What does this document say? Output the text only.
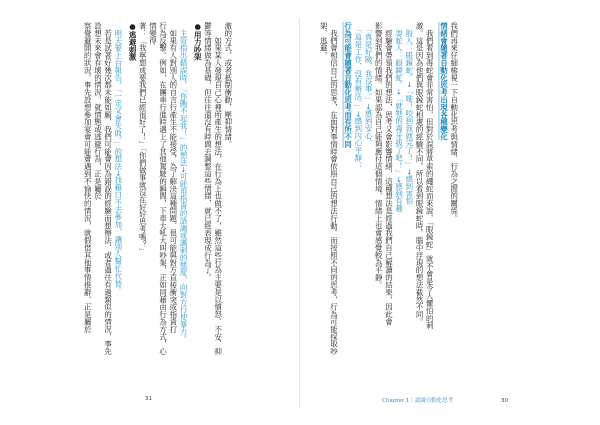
激的方式，或者抵制衝動，壓抑情緒。

　　如果某人發現自己心裡所產生的想法，在行為上也做不了，雖然這些行為主要是以憤怒、不安、抑鬱等情緒做為基礎，但往往還沒有時間去調整這些情緒，就已經表現成行為了。

●用力吵架

　主管指出錯誤時，「你瞧不起我！」的想法→可能用指責的語調或諷刺的態度，向對方行使暴力。

　如果有人對別人的自言行產生不能接受，為了解決這種問題、很可能與對方直接衝突或指責打

行為反擊。例如，在團車行進時遇上了其他駕駛的瞬間，下車大吼大叫吵架，正如同藉由行為方式，心情變得

著：「我寧想成要我們已經很好了！」「你們做事就沒在好好思考嗎？」

●逃避刺激

　明天要上台報告，「一定又會失敗。」的想法→找藉口不去參加，讓別人幫忙代替。

　若是試著好幾次都未能如願，我們可能會因為錯誤的經驗而想辦法，或者過往有過類似的情況，事先設想未來會有壞的情況，就情態或逃避行為，正是屬於

察覺避開的狀況，事先設想參加宴會可能會遇到不愉快的情況，就假借其他事情推辭，正是屬於	我們再來仔細檢視一下自動化思考與情緒、行為之間的關係。

情緒會隨著自動化思考出現各種變化

　我們看到毒蛇會非常害怕，但對於誤將草索的繩蛇而來說，「眼鏡蛇」就不會是令人懼怕的刺

激。這是因為他們與眼鏡蛇相處的經驗不同，所以看到眼鏡蛇時，腦中浮現的想法截然不同。

　般人：眼鏡蛇。→「唯！咬到我就完了！」→感到害怕

　耍蛇人：眼鏡蛇。→「就牠的毒牙拔了吧！」→感到有趣

　經驗會帶領我們的想法，思考又會影響情緒，這種想法是經過我們自己解讀的結果，因此會

影響到我們的情緒。如果認為自己能夠應付這個情境，情緒上也會感覺較為平靜。

　「真是好險，我沒事。」→感到安心、

　「這是工作，沒有辦法。」→感到內心平靜、、

行為可能會隨著自動化思考而有所不同

　我們會相信自己的思考，在面對事情時會依照自己的想法行動。而按照不同的思考，行為可能採取吵架、逃避，

31	Chapter 1｜認識自動化思考	30
